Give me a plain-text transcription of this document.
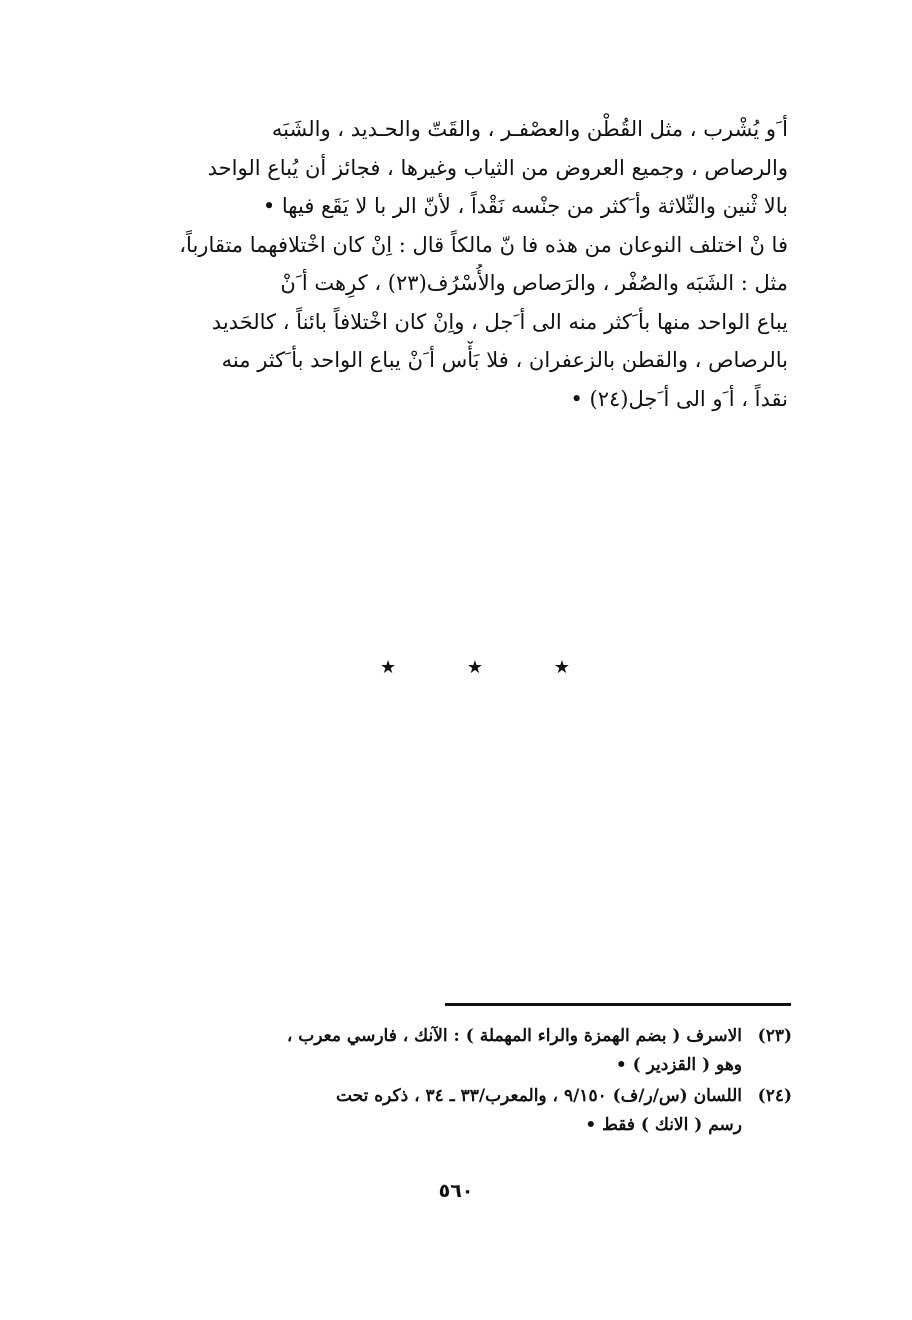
أ َو يُشْرب ، مثل القُطْن والعصْفـر ، والقَتّ والحـديد ، والشَبَه
والرصاص ، وجميع العروض من الثياب وغيرها ، فجائز أن يُباع الواحد
بالا ثْنين والثّلاثة وأ َكثر من جنْسه نَقْداً ، لأنّ الر با لا يَقَع فيها •
فا نْ اختلف النوعان من هذه فا نّ مالكاً قال : اِنْ كان اخْتلافهما متقارباً،
مثل : الشَبَه والصُفْر ، والرَصاص والأُسْرُف(٢٣) ، كرِهت أ َنْ
يباع الواحد منها بأ َكثر منه الى أ َجل ، واِنْ كان اخْتلافاً بائناً ، كالحَديد
بالرصاص ، والقطن بالزعفران ، فلا بَأْس أ َنْ يباع الواحد بأ َكثر منه
نقداً ، أ َو الى أ َجل(٢٤) •
★
★
★
(٢٣)
الاسرف ( بضم الهمزة والراء المهملة ) : الآنك ، فارسي معرب ،
وهو ( القزدير ) •
(٢٤)
اللسان (س/ر/ف) ٩/١٥٠ ، والمعرب/٣٣ ـ ٣٤ ، ذكره تحت
رسم ( الانك ) فقط •
٥٦٠
